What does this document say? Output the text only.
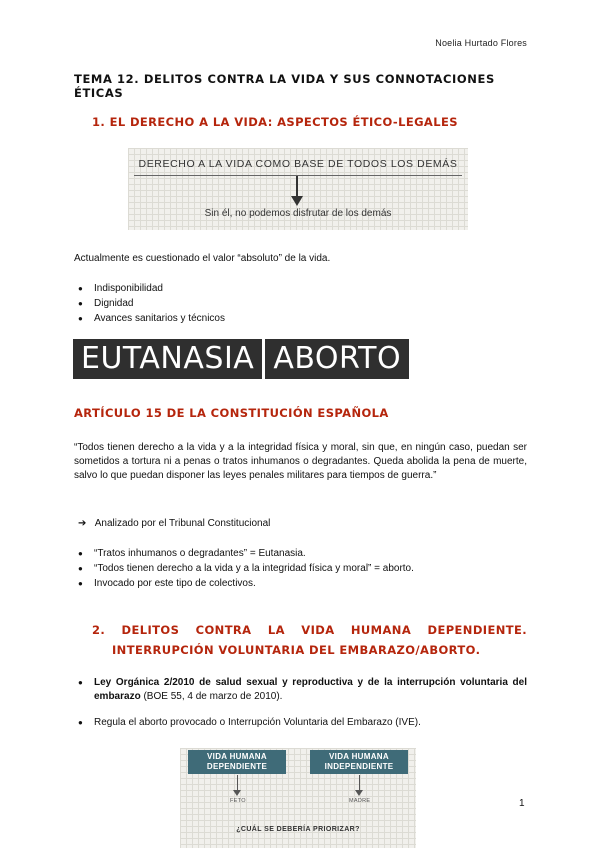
Noelia Hurtado Flores
TEMA 12. DELITOS CONTRA LA VIDA Y SUS CONNOTACIONES ÉTICAS
1. EL DERECHO A LA VIDA: ASPECTOS ÉTICO-LEGALES
DERECHO A LA VIDA COMO BASE DE TODOS LOS DEMÁS
Sin él, no podemos disfrutar de los demás
Actualmente es cuestionado el valor “absoluto” de la vida.
● Indisponibilidad
● Dignidad
● Avances sanitarios y técnicos
EUTANASIA ABORTO
ARTÍCULO 15 DE LA CONSTITUCIÓN ESPAÑOLA
“Todos tienen derecho a la vida y a la integridad física y moral, sin que, en ningún caso, puedan ser sometidos a tortura ni a penas o tratos inhumanos o degradantes. Queda abolida la pena de muerte, salvo lo que puedan disponer las leyes penales militares para tiempos de guerra.”
➔ Analizado por el Tribunal Constitucional
● “Tratos inhumanos o degradantes” = Eutanasia.
● “Todos tienen derecho a la vida y a la integridad física y moral” = aborto.
● Invocado por este tipo de colectivos.
2. DELITOS CONTRA LA VIDA HUMANA DEPENDIENTE.
INTERRUPCIÓN VOLUNTARIA DEL EMBARAZO/ABORTO.
● Ley Orgánica 2/2010 de salud sexual y reproductiva y de la interrupción voluntaria del embarazo (BOE 55, 4 de marzo de 2010).
● Regula el aborto provocado o Interrupción Voluntaria del Embarazo (IVE).
VIDA HUMANA DEPENDIENTE
VIDA HUMANA INDEPENDIENTE
FETO	MADRE
¿CUÁL SE DEBERÍA PRIORIZAR?
1
